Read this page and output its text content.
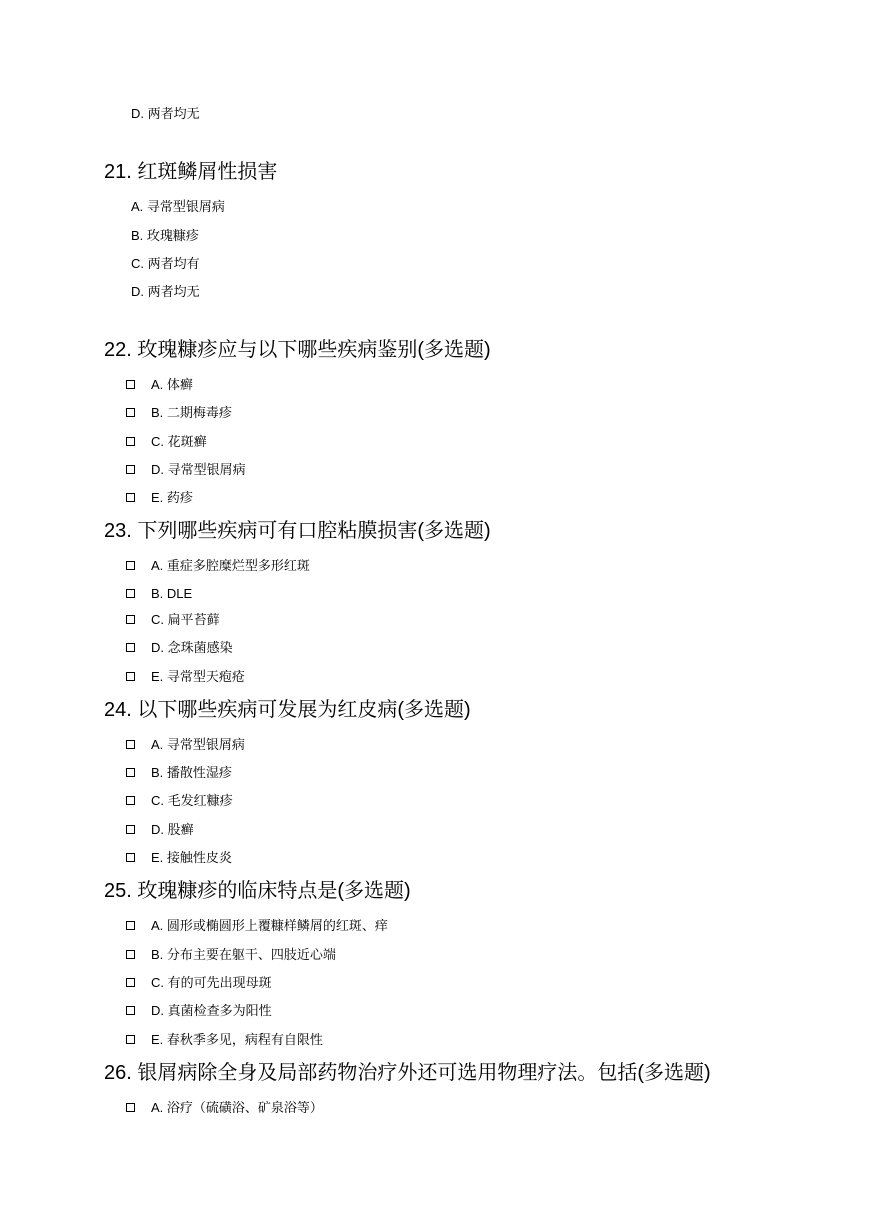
D. 两者均无
21. 红斑鳞屑性损害
A. 寻常型银屑病
B. 玫瑰糠疹
C. 两者均有
D. 两者均无
22. 玫瑰糠疹应与以下哪些疾病鉴别(多选题)
A. 体癣
B. 二期梅毒疹
C. 花斑癣
D. 寻常型银屑病
E. 药疹
23. 下列哪些疾病可有口腔粘膜损害(多选题)
A. 重症多腔糜烂型多形红斑
B. DLE
C. 扁平苔藓
D. 念珠菌感染
E. 寻常型天疱疮
24. 以下哪些疾病可发展为红皮病(多选题)
A. 寻常型银屑病
B. 播散性湿疹
C. 毛发红糠疹
D. 股癣
E. 接触性皮炎
25. 玫瑰糠疹的临床特点是(多选题)
A. 圆形或椭圆形上覆糠样鳞屑的红斑、痒
B. 分布主要在躯干、四肢近心端
C. 有的可先出现母斑
D. 真菌检查多为阳性
E. 春秋季多见，病程有自限性
26. 银屑病除全身及局部药物治疗外还可选用物理疗法。包括(多选题)
A. 浴疗（硫磺浴、矿泉浴等）
